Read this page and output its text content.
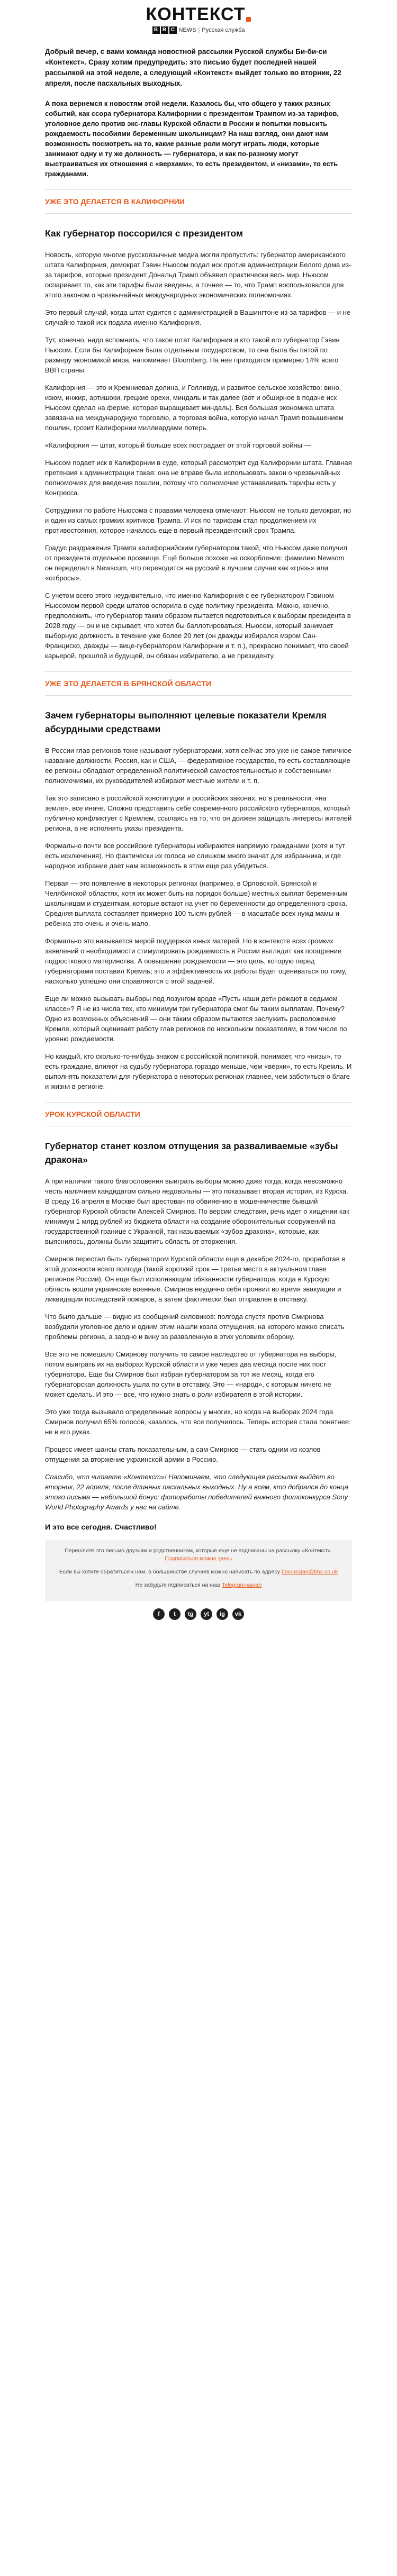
КОНТЕКСТ
B B C NEWS | Русская служба

Добрый вечер, с вами команда новостной рассылки Русской службы Би-би-си «Контекст». Сразу хотим предупредить: это письмо будет последней нашей рассылкой на этой неделе, а следующий «Контекст» выйдет только во вторник, 22 апреля, после пасхальных выходных.

А пока вернемся к новостям этой недели. Казалось бы, что общего у таких разных событий, как ссора губернатора Калифорнии с президентом Трампом из-за тарифов, уголовное дело против экс-главы Курской области в России и попытки повысить рождаемость пособиями беременным школьницам? На наш взгляд, они дают нам возможность посмотреть на то, какие разные роли могут играть люди, которые занимают одну и ту же должность — губернатора, и как по-разному могут выстраиваться их отношения с «верхами», то есть президентом, и «низами», то есть гражданами.

УЖЕ ЭТО ДЕЛАЕТСЯ В КАЛИФОРНИИ
Как губернатор поссорился с президентом

Новость, которую многие русскоязычные медиа могли пропустить: губернатор американского штата Калифорния, демократ Гэвин Ньюсом подал иск против администрации Белого дома из-за тарифов, которые президент Дональд Трамп объявил практически весь мир. Ньюсом оспаривает то, как эти тарифы были введены, а точнее — то, что Трамп воспользовался для этого законом о чрезвычайных международных экономических полномочиях.

Это первый случай, когда штат судится с администрацией в Вашингтоне из-за тарифов — и не случайно такой иск подала именно Калифорния.

Тут, конечно, надо вспомнить, что такое штат Калифорния и кто такой его губернатор Гэвин Ньюсом. Если бы Калифорния была отдельным государством, то она была бы пятой по размеру экономикой мира, напоминает Bloomberg. На нее приходится примерно 14% всего ВВП страны.

Калифорния — это и Кремниевая долина, и Голливуд, и развитое сельское хозяйство: вино, изюм, инжир, артишоки, грецкие орехи, миндаль и так далее (вот и обширное в подаче иск Ньюсом сделал на ферме, которая выращивает миндаль). Вся большая экономика штата завязана на международную торговлю, а торговая война, которую начал Трамп повышением пошлин, грозит Калифорнии миллиардами потерь.

«Калифорния — штат, который больше всех пострадает от этой торговой войны —

Ньюсом подает иск в Калифорнии в суде, который рассмотрит суд Калифорнии штата. Главная претензия к администрации такая: она не вправе была использовать закон о чрезвычайных полномочиях для введения пошлин, потому что полномочие устанавливать тарифы есть у Конгресса.

Сотрудники по работе Ньюсома с правами человека отмечают: Ньюсом не только демократ, но и один из самых громких критиков Трампа. И иск по тарифам стал продолжением их противостояния, которое началось еще в первый президентский срок Трампа.

Градус раздражения Трампа калифорнийским губернатором такой, что Ньюсом даже получил от президента отдельное прозвище. Ещё больше похоже на оскорбление: фамилию Newsom он переделал в Newscum, что переводится на русский в лучшем случае как «грязь» или «отбросы».

С учетом всего этого неудивительно, что именно Калифорния с ее губернатором Гэвином Ньюсомом первой среди штатов оспорила в суде политику президента. Можно, конечно, предположить, что губернатор таким образом пытается подготовиться к выборам президента в 2028 году — он и не скрывает, что хотел бы баллотироваться. Ньюсом, который занимает выборную должность в течение уже более 20 лет (он дважды избирался мэром Сан-Франциско, дважды — вице-губернатором Калифорнии и т. п.), прекрасно понимает, что своей карьерой, прошлой и будущей, он обязан избирателю, а не президенту.

УЖЕ ЭТО ДЕЛАЕТСЯ В БРЯНСКОЙ ОБЛАСТИ
Зачем губернаторы выполняют целевые показатели Кремля абсурдными средствами

В России глав регионов тоже называют губернаторами, хотя сейчас это уже не самое типичное название должности. Россия, как и США, — федеративное государство, то есть составляющие ее регионы обладают определенной политической самостоятельностью и собственными полномочиями, их руководителей избирают местные жители и т. п.

Так это записано в российской конституции и российских законах, но в реальности, «на земле», все иначе. Сложно представить себе современного российского губернатора, который публично конфликтует с Кремлем, ссылаясь на то, что он должен защищать интересы жителей региона, а не исполнять указы президента.

Формально почти все российские губернаторы избираются напрямую гражданами (хотя и тут есть исключения). Но фактически их голоса не слишком много значат для избранника, и где народное избрание дает нам возможность в этом еще раз убедиться.

Первая — это появление в некоторых регионах (например, в Орловской, Брянской и Челябинской областях, хотя их может быть на порядок больше) местных выплат беременным школьницам и студенткам, которые встают на учет по беременности до определенного срока. Средняя выплата составляет примерно 100 тысяч рублей — в масштабе всех нужд мамы и ребенка это очень и очень мало.

Формально это называется мерой поддержки юных матерей. Но в контексте всех громких заявлений о необходимости стимулировать рождаемость в России выглядит как поощрение подросткового материнства. А повышение рождаемости — это цель, которую перед губернаторами поставил Кремль; это и эффективность их работы будет оцениваться по тому, насколько успешно они справляются с этой задачей.

Еще ли можно вызывать выборы под лозунгом вроде «Пусть наши дети рожают в седьмом классе»? Я не из числа тех, кто минимум три губернатора смог бы таким выплатам. Почему? Одно из возможных объяснений — они таким образом пытаются заслужить расположение Кремля, который оценивает работу глав регионов по нескольким показателям, в том числе по уровню рождаемости.

Но каждый, кто сколько-то-нибудь знаком с российской политикой, понимает, что «низы», то есть граждане, влияют на судьбу губернатора гораздо меньше, чем «верхи», то есть Кремль. И выполнять показатели для губернатора в некоторых регионах главнее, чем заботиться о благе и жизни в регионе.

УРОК КУРСКОЙ ОБЛАСТИ
Губернатор станет козлом отпущения за разваливаемые «зубы дракона»

А при наличии такого благословения выиграть выборы можно даже тогда, когда невозможно честь наличием кандидатом сильно недовольны — это показывает вторая история, из Курска. В среду 16 апреля в Москве был арестован по обвинению в мошенничестве бывший губернатор Курской области Алексей Смирнов. По версии следствия, речь идет о хищении как минимум 1 млрд рублей из бюджета области на создание оборонительных сооружений на государственной границе с Украиной, так называемых «зубов дракона», которые, как выяснилось, должны были защитить область от вторжения.

Смирнов перестал быть губернатором Курской области еще в декабре 2024-го, проработав в этой должности всего полгода (такой короткий срок — третье место в актуальном главе регионов России). Он еще был исполняющим обязанности губернатора, когда в Курскую область вошли украинские военные. Смирнов неудачно себя проявил во время эвакуации и ликвидации последствий пожаров, а затем фактически был отправлен в отставку.

Что было дальше — видно из сообщений силовиков: полгода спустя против Смирнова возбудили уголовное дело и одним этим нашли козла отпущения, на которого можно списать проблемы региона, а заодно и вину за разваленную в этих условиях оборону.

Все это не помешало Смирнову получить то самое наследство от губернатора на выборы, потом выиграть их на выборах Курской области и уже через два месяца после них пост губернатора. Еще бы Смирнов был избран губернатором за тот же месяц, когда его губернаторская должность ушла по сути в отставку. Это — «народ», с которым ничего не может сделать. И это — все, что нужно знать о роли избирателя в этой истории.

Это уже тогда вызывало определенные вопросы у многих, но когда на выборах 2024 года Смирнов получил 65% голосов, казалось, что все получилось. Теперь история стала понятнее: не в его руках.

Процесс имеет шансы стать показательным, а сам Смирнов — стать одним из козлов отпущения за вторжение украинской армии в Россию.

Спасибо, что читаете «Контекст»! Напоминаем, что следующая рассылка выйдет во вторник, 22 апреля, после длинных пасхальных выходных. Ну а всем, кто добрался до конца этого письма — небольшой бонус: фотоработы победителей важного фотоконкурса Sony World Photography Awards у нас на сайте.

И это все сегодня. Счастливо!

Перешлите это письмо друзьям и родственникам, которые еще не подписаны на рассылку «Контекст». Подписаться можно здесь

Если вы хотите обратиться к нам, в большинстве случаев можно написать по адресу bbcrussian@bbc.co.uk

Не забудьте подписаться на наш Telegram-канал

f	t	tg	yt	ig	vk
